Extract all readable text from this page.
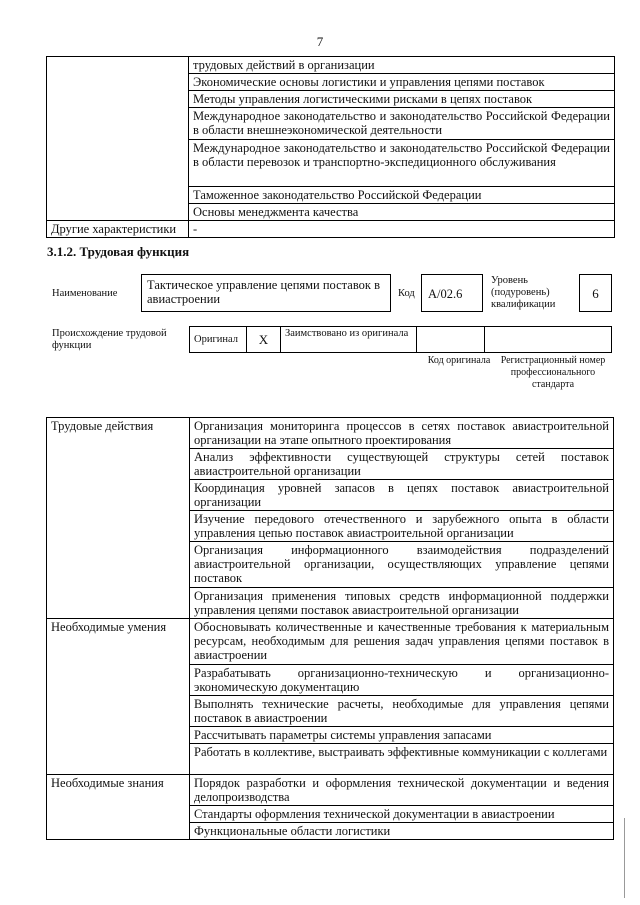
7
	трудовых действий в организации
	Экономические основы логистики и управления цепями поставок
	Методы управления логистическими рисками в цепях поставок
	Международное законодательство и законодательство Российской Федерации в области внешнеэкономической деятельности
	Международное законодательство и законодательство Российской Федерации в области перевозок и транспортно-экспедиционного обслуживания
	Таможенное законодательство Российской Федерации
	Основы менеджмента качества
Другие характеристики	-
3.1.2. Трудовая функция
Наименование
Тактическое управление цепями поставок в авиастроении	Код	A/02.6
Уровень (подуровень) квалификации
6
Происхождение трудовой функции
Оригинал	X	Заимствовано из оригинала		
Код оригинала	Регистрационный номер профессионального стандарта
Трудовые действия	Организация мониторинга процессов в сетях поставок авиастроительной организации на этапе опытного проектирования
	Анализ эффективности существующей структуры сетей поставок авиастроительной организации
	Координация уровней запасов в цепях поставок авиастроительной организации
	Изучение передового отечественного и зарубежного опыта в области управления цепью поставок авиастроительной организации
	Организация информационного взаимодействия подразделений авиастроительной организации, осуществляющих управление цепями поставок
	Организация применения типовых средств информационной поддержки управления цепями поставок авиастроительной организации
Необходимые умения	Обосновывать количественные и качественные требования к материальным ресурсам, необходимым для решения задач управления цепями поставок в авиастроении
	Разрабатывать организационно-техническую и организационно-экономическую документацию
	Выполнять технические расчеты, необходимые для управления цепями поставок в авиастроении
	Рассчитывать параметры системы управления запасами
	Работать в коллективе, выстраивать эффективные коммуникации с коллегами
Необходимые знания	Порядок разработки и оформления технической документации и ведения делопроизводства
	Стандарты оформления технической документации в авиастроении
	Функциональные области логистики
